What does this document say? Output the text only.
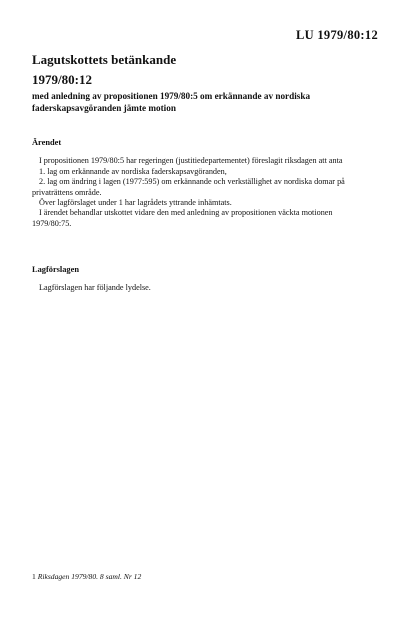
LU 1979/80:12
Lagutskottets betänkande
1979/80:12
med anledning av propositionen 1979/80:5 om erkännande av nordiska faderskapsavgöranden jämte motion
Ärendet

I propositionen 1979/80:5 har regeringen (justitiedepartementet) föreslagit riksdagen att anta

1. lag om erkännande av nordiska faderskapsavgöranden,

2. lag om ändring i lagen (1977:595) om erkännande och verkställighet av nordiska domar på privaträttens område.

Över lagförslaget under 1 har lagrådets yttrande inhämtats.

I ärendet behandlar utskottet vidare den med anledning av propositionen väckta motionen 1979/80:75.

Lagförslagen

Lagförslagen har följande lydelse.

1 Riksdagen 1979/80. 8 saml. Nr 12
